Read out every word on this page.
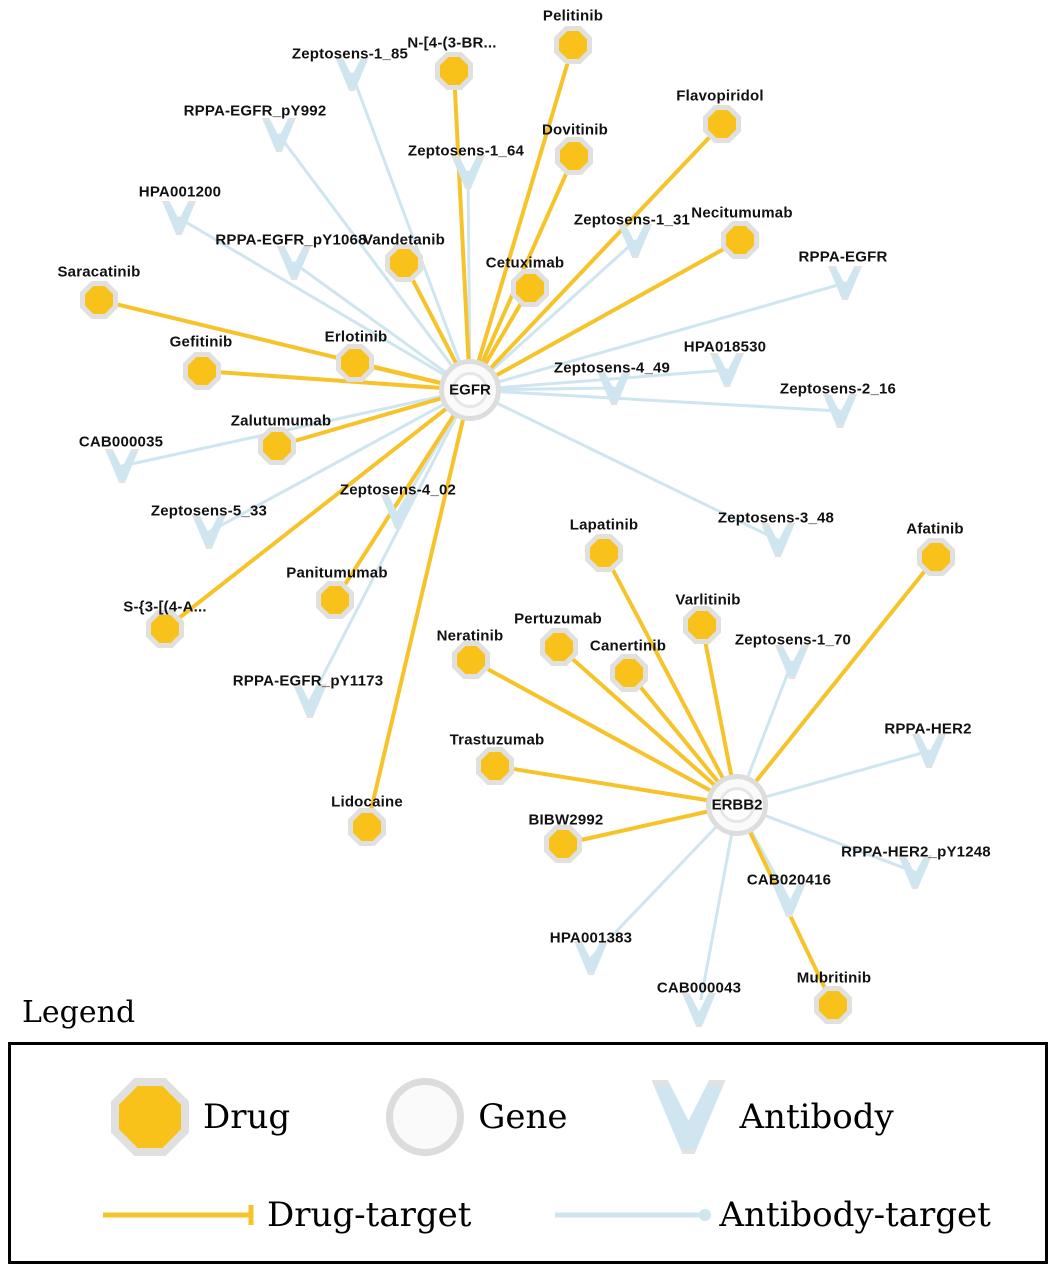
Zeptosens-1_85
RPPA-EGFR_pY992
Zeptosens-1_64
HPA001200
Zeptosens-1_31
RPPA-EGFR_pY1068
RPPA-EGFR
HPA018530
Zeptosens-4_49
Zeptosens-2_16
CAB000035
Zeptosens-4_02
Zeptosens-5_33	Zeptosens-3_48
Zeptosens-1_70
RPPA-EGFR_pY1173
RPPA-HER2
RPPA-HER2_pY1248
CAB020416
HPA001383
CAB000043
Pelitinib
N-[4-(3-BR...
Flavopiridol
Dovitinib
Necitumumab
Vandetanib
Cetuximab
Saracatinib
Erlotinib
Gefitinib
Zalutumumab
Lapatinib	Afatinib
Panitumumab
Varlitinib
S-{3-[(4-A...
Pertuzumab
Neratinib
Canertinib
Trastuzumab
Lidocaine
BIBW2992
Mubritinib
EGFR
ERBB2
Legend
Drug	Gene	Antibody
Drug-target	Antibody-target
